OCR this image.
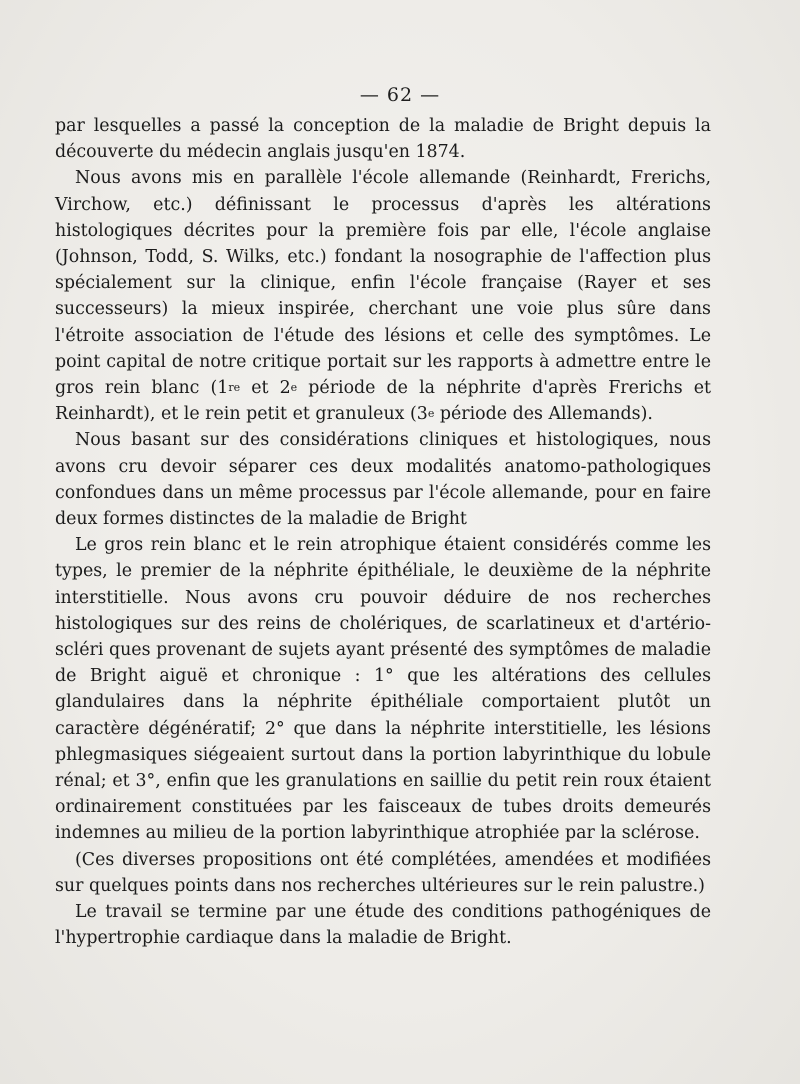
— 62 —

par lesquelles a passé la conception de la maladie de Bright depuis la découverte du médecin anglais jusqu'en 1874.

Nous avons mis en parallèle l'école allemande (Reinhardt, Frerichs, Virchow, etc.) définissant le processus d'après les altérations histologiques décrites pour la première fois par elle, l'école anglaise (Johnson, Todd, S. Wilks, etc.) fondant la nosographie de l'affection plus spécialement sur la clinique, enfin l'école française (Rayer et ses successeurs) la mieux inspirée, cherchant une voie plus sûre dans l'étroite association de l'étude des lésions et celle des symptômes. Le point capital de notre critique portait sur les rapports à admettre entre le gros rein blanc (1re et 2e période de la néphrite d'après Frerichs et Reinhardt), et le rein petit et granuleux (3e période des Allemands).

Nous basant sur des considérations cliniques et histologiques, nous avons cru devoir séparer ces deux modalités anatomo-pathologiques confondues dans un même processus par l'école allemande, pour en faire deux formes distinctes de la maladie de Bright

Le gros rein blanc et le rein atrophique étaient considérés comme les types, le premier de la néphrite épithéliale, le deuxième de la néphrite interstitielle. Nous avons cru pouvoir déduire de nos recherches histologiques sur des reins de cholériques, de scarlatineux et d'artério-scléri ques provenant de sujets ayant présenté des symptômes de maladie de Bright aiguë et chronique : 1° que les altérations des cellules glandulaires dans la néphrite épithéliale comportaient plutôt un caractère dégénératif; 2° que dans la néphrite interstitielle, les lésions phlegmasiques siégeaient surtout dans la portion labyrinthique du lobule rénal; et 3°, enfin que les granulations en saillie du petit rein roux étaient ordinairement constituées par les faisceaux de tubes droits demeurés indemnes au milieu de la portion labyrinthique atrophiée par la sclérose.

(Ces diverses propositions ont été complétées, amendées et modifiées sur quelques points dans nos recherches ultérieures sur le rein palustre.)

Le travail se termine par une étude des conditions pathogéniques de l'hypertrophie cardiaque dans la maladie de Bright.
